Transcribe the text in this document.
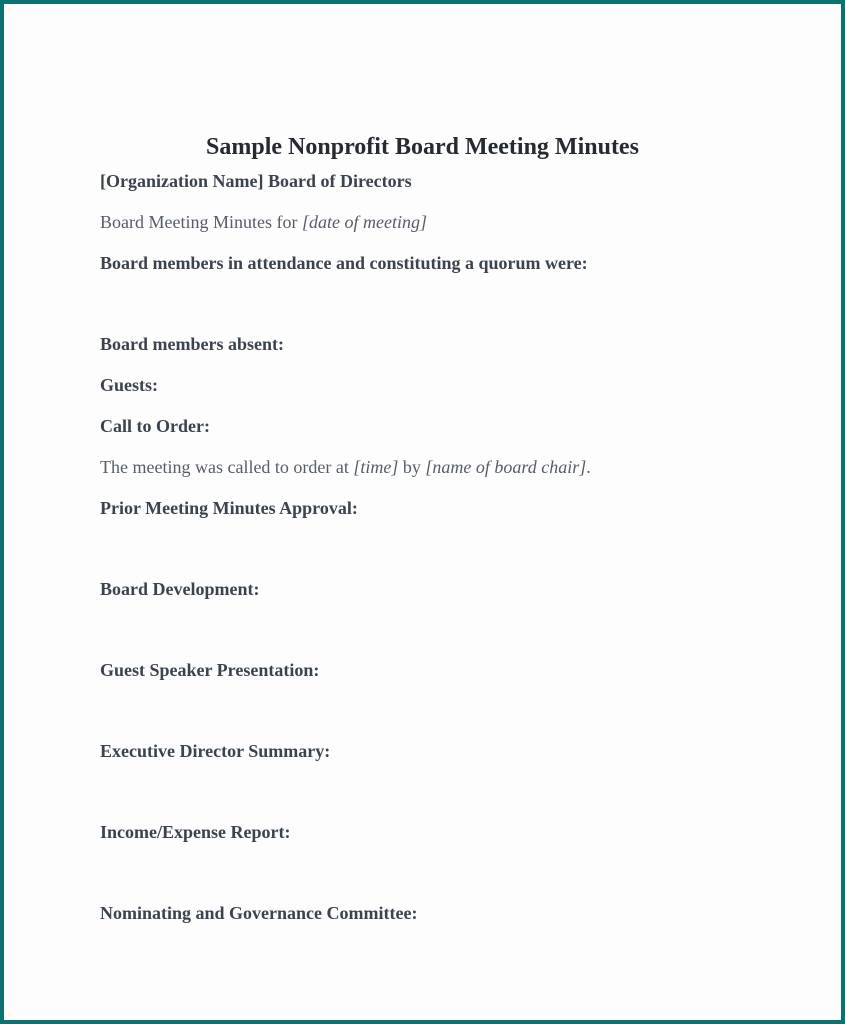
Sample Nonprofit Board Meeting Minutes

[Organization Name] Board of Directors

Board Meeting Minutes for [date of meeting]

Board members in attendance and constituting a quorum were:

Board members absent:

Guests:

Call to Order:

The meeting was called to order at [time] by [name of board chair].

Prior Meeting Minutes Approval:

Board Development:

Guest Speaker Presentation:

Executive Director Summary:

Income/Expense Report:

Nominating and Governance Committee:
